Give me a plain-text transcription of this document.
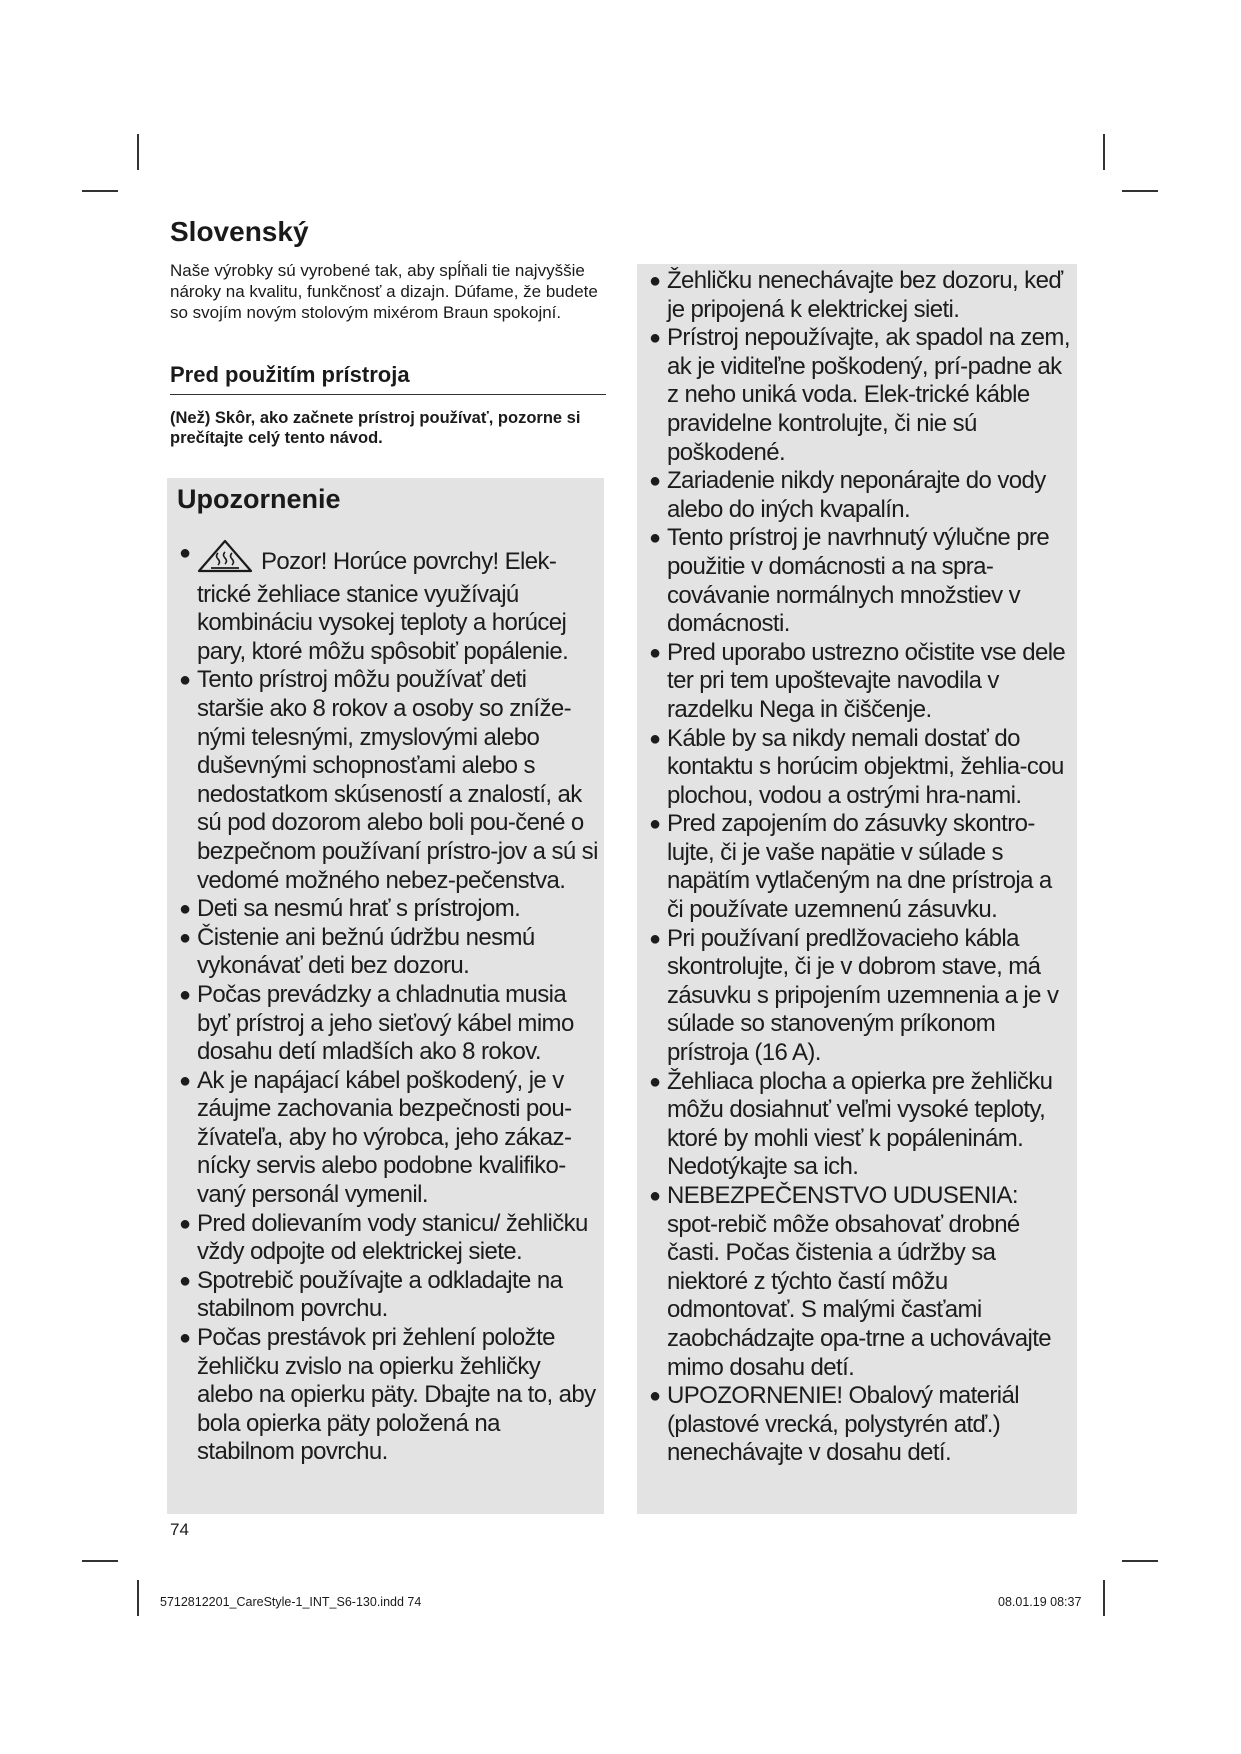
Slovenský

Naše výrobky sú vyrobené tak, aby spĺňali tie najvyššie nároky na kvalitu, funkčnosť a dizajn. Dúfame, že budete so svojím novým stolovým mixérom Braun spokojní.

Pred použitím prístroja

(Než) Skôr, ako začnete prístroj používať, pozorne si prečítajte celý tento návod.

Upozornenie
●	Pozor! Horúce povrchy! Elek-trické žehliace stanice využívajú kombináciu vysokej teploty a horúcej pary, ktoré môžu spôsobiť popálenie.
● Tento prístroj môžu používať deti staršie ako 8 rokov a osoby so zníže-nými telesnými, zmyslovými alebo duševnými schopnosťami alebo s nedostatkom skúseností a znalostí, ak sú pod dozorom alebo boli pou-čené o bezpečnom používaní prístro-jov a sú si vedomé možného nebez-pečenstva.
● Deti sa nesmú hrať s prístrojom.
● Čistenie ani bežnú údržbu nesmú vykonávať deti bez dozoru.
● Počas prevádzky a chladnutia musia byť prístroj a jeho sieťový kábel mimo dosahu detí mladších ako 8 rokov.
● Ak je napájací kábel poškodený, je v záujme zachovania bezpečnosti pou-žívateľa, aby ho výrobca, jeho zákaz-nícky servis alebo podobne kvalifiko-vaný personál vymenil.
● Pred dolievaním vody stanicu/ žehličku vždy odpojte od elektrickej siete.
● Spotrebič používajte a odkladajte na stabilnom povrchu.
● Počas prestávok pri žehlení položte žehličku zvislo na opierku žehličky alebo na opierku päty. Dbajte na to, aby bola opierka päty položená na stabilnom povrchu.
● Žehličku nenechávajte bez dozoru, keď je pripojená k elektrickej sieti.
● Prístroj nepoužívajte, ak spadol na zem, ak je viditeľne poškodený, prí-padne ak z neho uniká voda. Elek-trické káble pravidelne kontrolujte, či nie sú poškodené.
● Zariadenie nikdy neponárajte do vody alebo do iných kvapalín.
● Tento prístroj je navrhnutý výlučne pre použitie v domácnosti a na spra-covávanie normálnych množstiev v domácnosti.
● Pred uporabo ustrezno očistite vse dele ter pri tem upoštevajte navodila v razdelku Nega in čiščenje.
● Káble by sa nikdy nemali dostať do kontaktu s horúcim objektmi, žehlia-cou plochou, vodou a ostrými hra-nami.
● Pred zapojením do zásuvky skontro-lujte, či je vaše napätie v súlade s napätím vytlačeným na dne prístroja a či používate uzemnenú zásuvku.
● Pri používaní predlžovacieho kábla skontrolujte, či je v dobrom stave, má zásuvku s pripojením uzemnenia a je v súlade so stanoveným príkonom prístroja (16 A).
● Žehliaca plocha a opierka pre žehličku môžu dosiahnuť veľmi vysoké teploty, ktoré by mohli viesť k popáleninám. Nedotýkajte sa ich.
● NEBEZPEČENSTVO UDUSENIA: spot-rebič môže obsahovať drobné časti. Počas čistenia a údržby sa niektoré z týchto častí môžu odmontovať. S malými časťami zaobchádzajte opa-trne a uchovávajte mimo dosahu detí.
● UPOZORNENIE! Obalový materiál (plastové vrecká, polystyrén atď.) nenechávajte v dosahu detí.

74

5712812201_CareStyle-1_INT_S6-130.indd 74	08.01.19 08:37
